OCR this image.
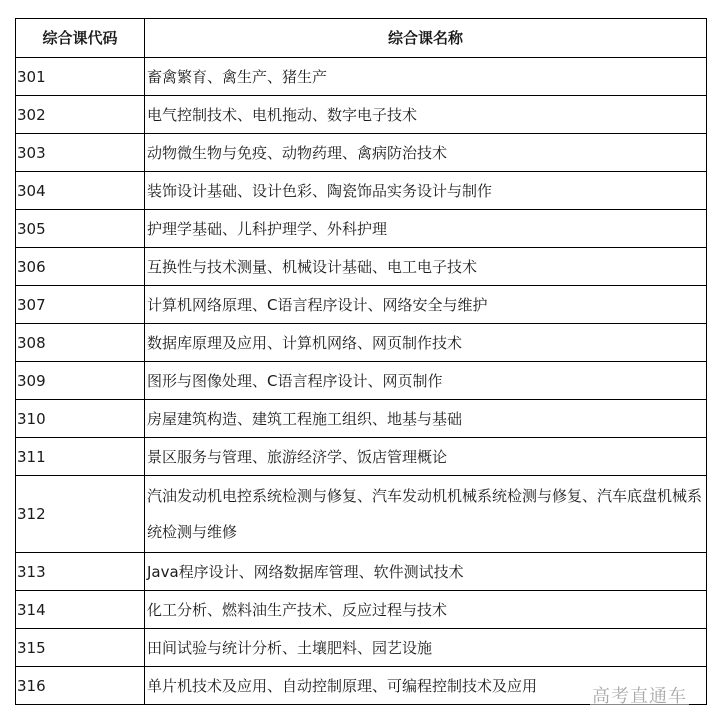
综合课代码	综合课名称
301	畜禽繁育、禽生产、猪生产
302	电气控制技术、电机拖动、数字电子技术
303	动物微生物与免疫、动物药理、禽病防治技术
304	装饰设计基础、设计色彩、陶瓷饰品实务设计与制作
305	护理学基础、儿科护理学、外科护理
306	互换性与技术测量、机械设计基础、电工电子技术
307	计算机网络原理、C语言程序设计、网络安全与维护
308	数据库原理及应用、计算机网络、网页制作技术
309	图形与图像处理、C语言程序设计、网页制作
310	房屋建筑构造、建筑工程施工组织、地基与基础
311	景区服务与管理、旅游经济学、饭店管理概论
312	汽油发动机电控系统检测与修复、汽车发动机机械系统检测与修复、汽车底盘机械系统检测与维修
313	Java程序设计、网络数据库管理、软件测试技术
314	化工分析、燃料油生产技术、反应过程与技术
315	田间试验与统计分析、土壤肥料、园艺设施
316	单片机技术及应用、自动控制原理、可编程控制技术及应用
高考直通车
